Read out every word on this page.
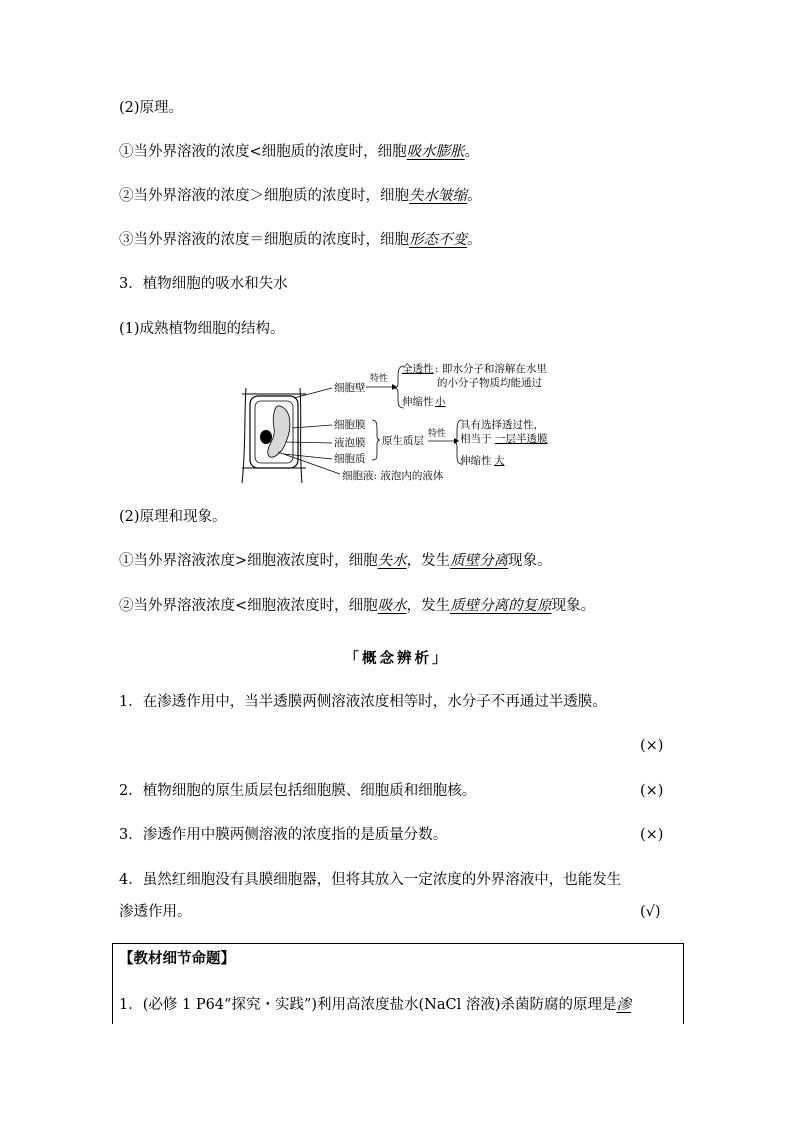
(2)原理。
①当外界溶液的浓度<细胞质的浓度时，细胞吸水膨胀。
②当外界溶液的浓度＞细胞质的浓度时，细胞失水皱缩。
③当外界溶液的浓度＝细胞质的浓度时，细胞形态不变。
3．植物细胞的吸水和失水
(1)成熟植物细胞的结构。
细胞壁
特性
全透性 : 即水分子和溶解在水里
的小分子物质均能通过
伸缩性 小
细胞膜
液泡膜
细胞质
原生质层
特性
具有选择透过性，
相当于 一层半透膜
伸缩性 大
细胞液: 液泡内的液体
(2)原理和现象。
①当外界溶液浓度>细胞液浓度时，细胞失水，发生质壁分离现象。
②当外界溶液浓度<细胞液浓度时，细胞吸水，发生质壁分离的复原现象。
「概念辨析」
1．在渗透作用中，当半透膜两侧溶液浓度相等时，水分子不再通过半透膜。
(×)
2．植物细胞的原生质层包括细胞膜、细胞质和细胞核。	(×)
3．渗透作用中膜两侧溶液的浓度指的是质量分数。	(×)
4．虽然红细胞没有具膜细胞器，但将其放入一定浓度的外界溶液中，也能发生
渗透作用。	(√)
【教材细节命题】
1．(必修 1 P64“探究・实践”)利用高浓度盐水(NaCl 溶液)杀菌防腐的原理是渗
